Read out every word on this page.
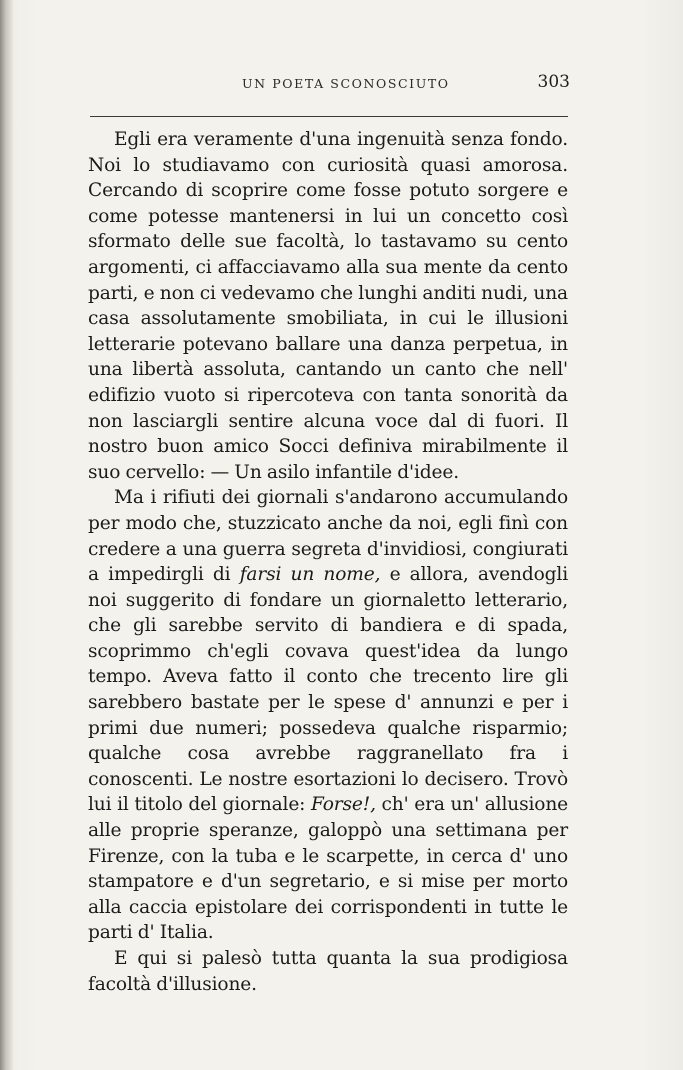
UN POETA SCONOSCIUTO	303

Egli era veramente d'una ingenuità senza fondo. Noi lo studiavamo con curiosità quasi amorosa. Cercando di scoprire come fosse potuto sorgere e come potesse mantenersi in lui un concetto così sformato delle sue facoltà, lo tastavamo su cento argomenti, ci affacciavamo alla sua mente da cento parti, e non ci vedevamo che lunghi anditi nudi, una casa assolutamente smobiliata, in cui le illusioni letterarie potevano ballare una danza perpetua, in una libertà assoluta, cantando un canto che nell' edifizio vuoto si ripercoteva con tanta sonorità da non lasciargli sentire alcuna voce dal di fuori. Il nostro buon amico Socci definiva mirabilmente il suo cervello: — Un asilo infantile d'idee.

Ma i rifiuti dei giornali s'andarono accumulando per modo che, stuzzicato anche da noi, egli finì con credere a una guerra segreta d'invidiosi, congiurati a impedirgli di farsi un nome, e allora, avendogli noi suggerito di fondare un giornaletto letterario, che gli sarebbe servito di bandiera e di spada, scoprimmo ch'egli covava quest'idea da lungo tempo. Aveva fatto il conto che trecento lire gli sarebbero bastate per le spese d' annunzi e per i primi due numeri; possedeva qualche risparmio; qualche cosa avrebbe raggranellato fra i conoscenti. Le nostre esortazioni lo decisero. Trovò lui il titolo del giornale: Forse!, ch' era un' allusione alle proprie speranze, galoppò una settimana per Firenze, con la tuba e le scarpette, in cerca d' uno stampatore e d'un segretario, e si mise per morto alla caccia epistolare dei corrispondenti in tutte le parti d' Italia.

E qui si palesò tutta quanta la sua prodigiosa facoltà d'illusione.
